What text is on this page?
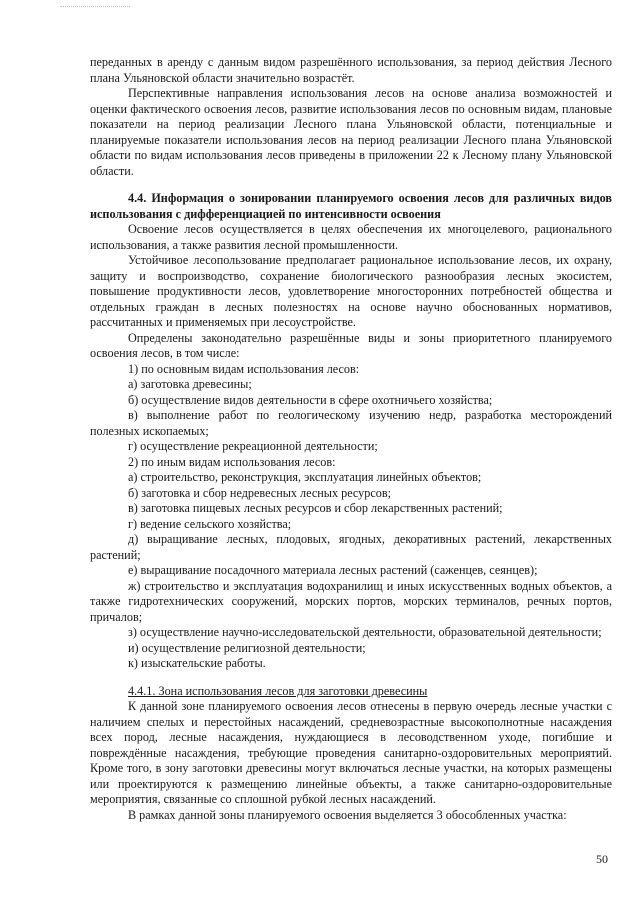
переданных в аренду с данным видом разрешённого использования, за период действия Лесного плана Ульяновской области значительно возрастёт.

Перспективные направления использования лесов на основе анализа возможностей и оценки фактического освоения лесов, развитие использования лесов по основным видам, плановые показатели на период реализации Лесного плана Ульяновской области, потенциальные и планируемые показатели использования лесов на период реализации Лесного плана Ульяновской области по видам использования лесов приведены в приложении 22 к Лесному плану Ульяновской области.

4.4. Информация о зонировании планируемого освоения лесов для различных видов использования с дифференциацией по интенсивности освоения

Освоение лесов осуществляется в целях обеспечения их многоцелевого, рационального использования, а также развития лесной промышленности.

Устойчивое лесопользование предполагает рациональное использование лесов, их охрану, защиту и воспроизводство, сохранение биологического разнообразия лесных экосистем, повышение продуктивности лесов, удовлетворение многосторонних потребностей общества и отдельных граждан в лесных полезностях на основе научно обоснованных нормативов, рассчитанных и применяемых при лесоустройстве.

Определены законодательно разрешённые виды и зоны приоритетного планируемого освоения лесов, в том числе:

1) по основным видам использования лесов:

а) заготовка древесины;

б) осуществление видов деятельности в сфере охотничьего хозяйства;

в) выполнение работ по геологическому изучению недр, разработка месторождений полезных ископаемых;

г) осуществление рекреационной деятельности;

2) по иным видам использования лесов:

а) строительство, реконструкция, эксплуатация линейных объектов;

б) заготовка и сбор недревесных лесных ресурсов;

в) заготовка пищевых лесных ресурсов и сбор лекарственных растений;

г) ведение сельского хозяйства;

д) выращивание лесных, плодовых, ягодных, декоративных растений, лекарственных растений;

е) выращивание посадочного материала лесных растений (саженцев, сеянцев);

ж) строительство и эксплуатация водохранилищ и иных искусственных водных объектов, а также гидротехнических сооружений, морских портов, морских терминалов, речных портов, причалов;

з) осуществление научно-исследовательской деятельности, образовательной деятельности;

и) осуществление религиозной деятельности;

к) изыскательские работы.

4.4.1. Зона использования лесов для заготовки древесины

К данной зоне планируемого освоения лесов отнесены в первую очередь лесные участки с наличием спелых и перестойных насаждений, средневозрастные высокополнотные насаждения всех пород, лесные насаждения, нуждающиеся в лесоводственном уходе, погибшие и повреждённые насаждения, требующие проведения санитарно-оздоровительных мероприятий. Кроме того, в зону заготовки древесины могут включаться лесные участки, на которых размещены или проектируются к размещению линейные объекты, а также санитарно-оздоровительные мероприятия, связанные со сплошной рубкой лесных насаждений.

В рамках данной зоны планируемого освоения выделяется 3 обособленных участка:

50
